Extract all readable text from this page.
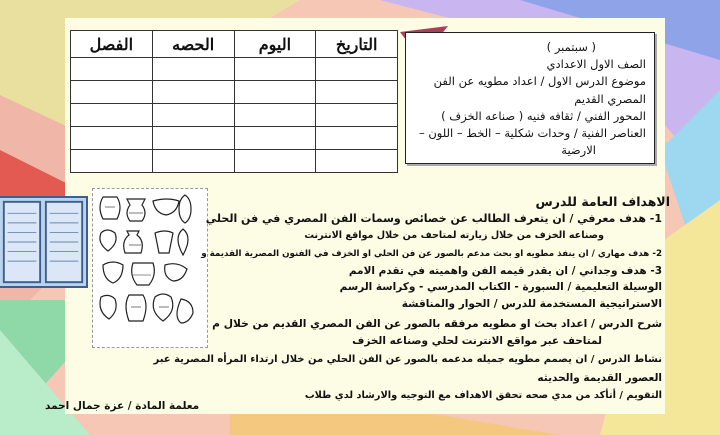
الفصل	الحصه	اليوم	التاريخ

				( سبتمبر )
الصف الاول الاعدادي
موضوع الدرس الاول / اعداد مطويه عن الفن
المصري القديم
المحور الفني / ثقافه فنيه ( صناعه الخزف )
العناصر الفنية / وحدات شكلية – الخط – اللون –
الارضية
الاهداف العامة للدرس
1- هدف معرفي / ان يتعرف الطالب عن خصائص وسمات الفن المصري في فن الحلي
وصناعه الخزف من خلال زيارته لمتاحف من خلال مواقع الانترنت
2- هدف مهاري / ان ينفذ مطويه او بحث مدعم بالصور عن فن الحلي او الخزف في الفنون المصرية القديمة و
3- هدف وجداني / ان يقدر قيمه الفن واهميته في تقدم الامم
الوسيلة التعليمية / السبورة - الكتاب المدرسي - وكراسة الرسم
الاستراتيجية المستخدمة للدرس / الحوار والمناقشة
شرح الدرس / اعداد بحث او مطويه مرفقه بالصور عن الفن المصري القديم من خلال م
لمتاحف عبر مواقع الانترنت لحلي وصناعه الخزف
نشاط الدرس / ان يصمم مطويه جميله مدعمه بالصور عن الفن الحلي من خلال ارتداء المرأه المصرية عبر
العصور القديمة والحديثه
التقويم / أتأكد من مدي صحه تحقق الاهداف مع التوجيه والارشاد لدي طلاب
معلمة المادة / عزة جمال احمد
